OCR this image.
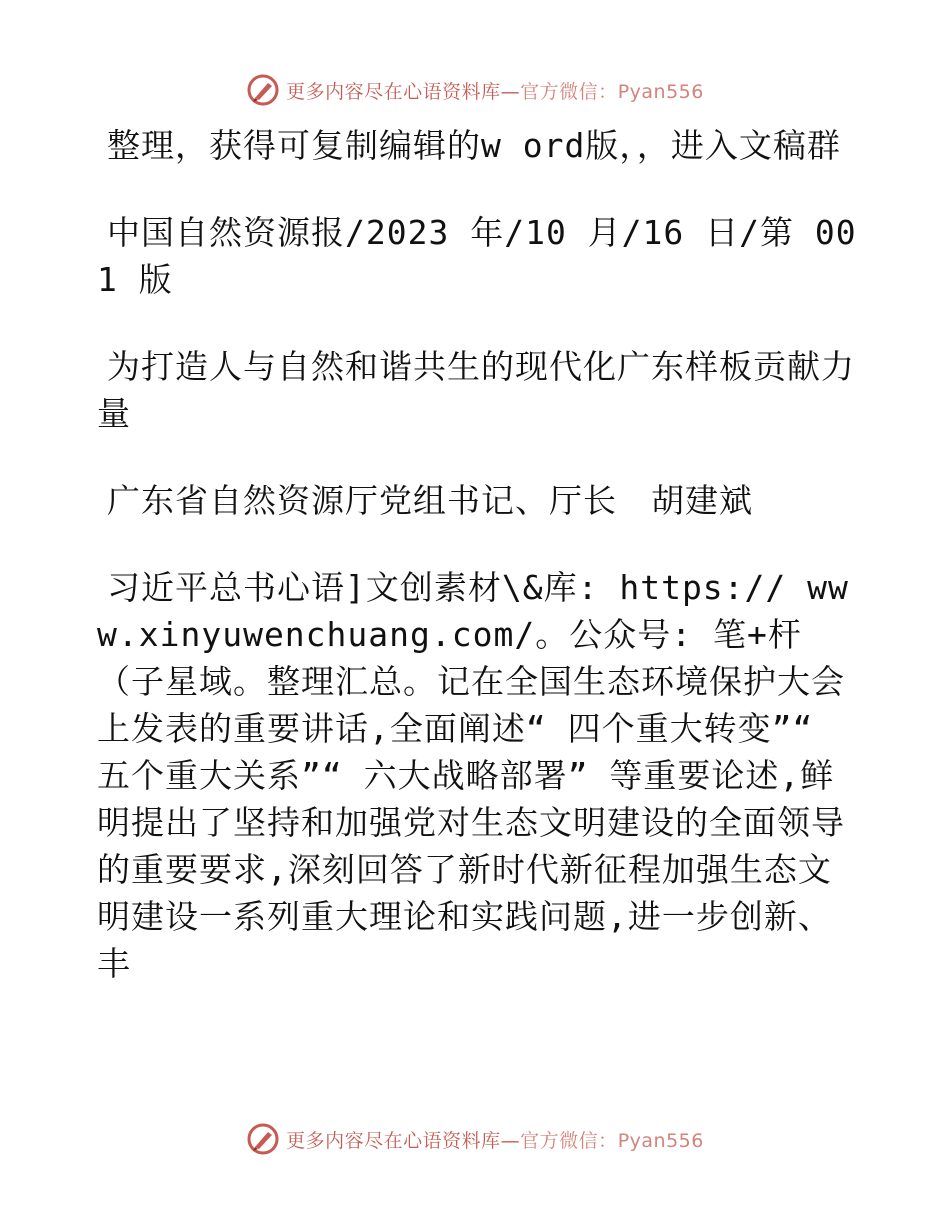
更多内容尽在心语资料库—官方微信：Pyan556

整理，获得可复制编辑的w ord版，，进入文稿群

中国自然资源报/2023 年/10 月/16 日/第 001 版

为打造人与自然和谐共生的现代化广东样板贡献力量

广东省自然资源厅党组书记、厅长　胡建斌

习近平总书心语]文创素材\&库: https:// www.xinyuwenchuang.com/。公众号: 笔+杆（子星域。整理汇总。记在全国生态环境保护大会上发表的重要讲话,全面阐述“ 四个重大转变”“ 五个重大关系”“ 六大战略部署” 等重要论述,鲜明提出了坚持和加强党对生态文明建设的全面领导的重要要求,深刻回答了新时代新征程加强生态文明建设一系列重大理论和实践问题,进一步创新、丰

更多内容尽在心语资料库—官方微信：Pyan556
